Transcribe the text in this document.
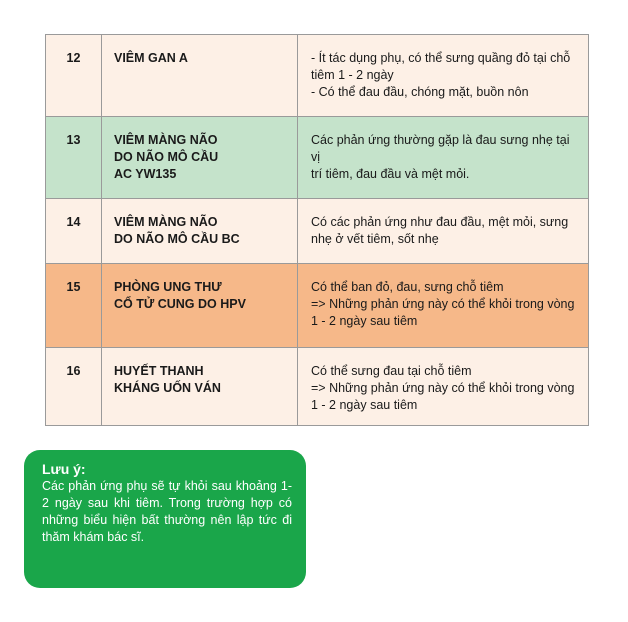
12	VIÊM GAN A	- Ít tác dụng phụ, có thể sưng quầng đỏ tại chỗ
tiêm 1 - 2 ngày
- Có thể đau đầu, chóng mặt, buồn nôn

13	VIÊM MÀNG NÃO
DO NÃO MÔ CẦU
AC YW135	Các phản ứng thường gặp là đau sưng nhẹ tại vị
trí tiêm, đau đầu và mệt mỏi.

14	VIÊM MÀNG NÃO
DO NÃO MÔ CẦU BC	Có các phản ứng như đau đầu, mệt mỏi, sưng
nhẹ ở vết tiêm, sốt nhẹ

15	PHÒNG UNG THƯ
CỔ TỬ CUNG DO HPV	Có thể ban đỏ, đau, sưng chỗ tiêm
=> Những phản ứng này có thể khỏi trong vòng
1 - 2 ngày sau tiêm

16	HUYẾT THANH
KHÁNG UỐN VÁN	Có thể sưng đau tại chỗ tiêm
=> Những phản ứng này có thể khỏi trong vòng
1 - 2 ngày sau tiêm
Lưu ý:
Các phản ứng phụ sẽ tự khỏi sau khoảng 1-2 ngày sau khi tiêm. Trong trường hợp có những biểu hiện bất thường nên lập tức đi thăm khám bác sĩ.
